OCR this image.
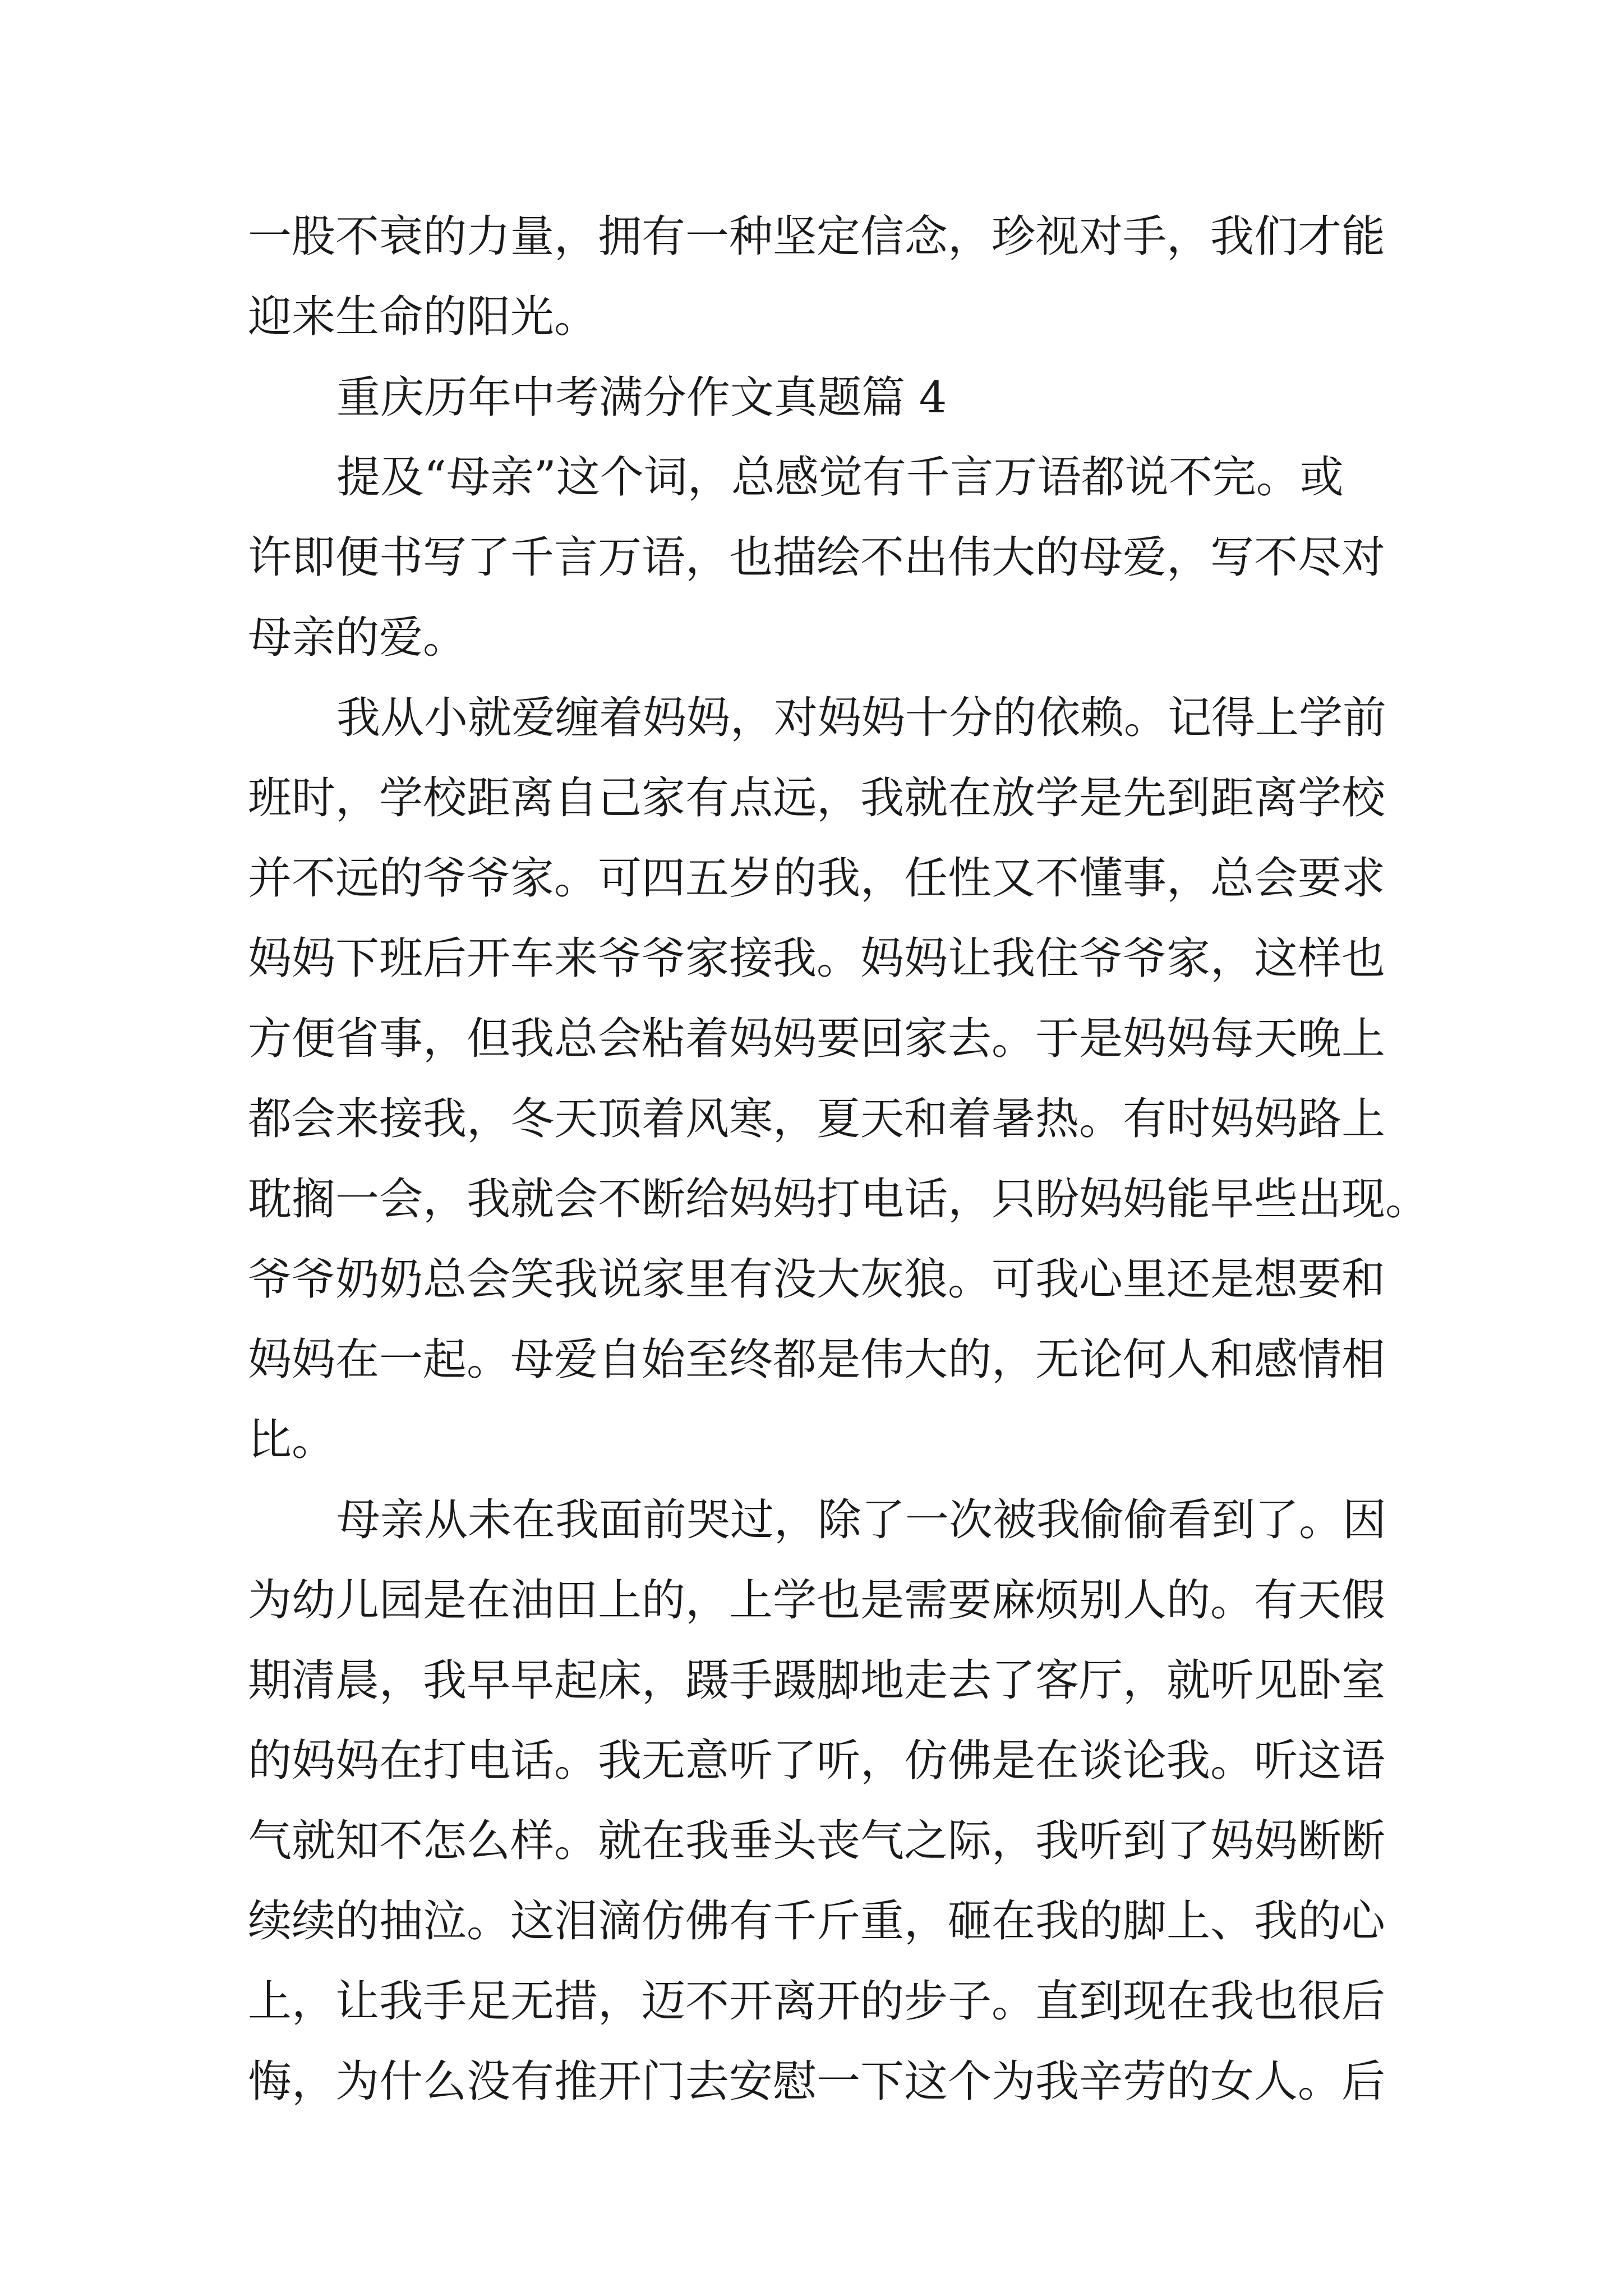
一股不衰的力量，拥有一种坚定信念，珍视对手，我们才能

迎来生命的阳光。

重庆历年中考满分作文真题篇 4

提及“母亲”这个词，总感觉有千言万语都说不完。或

许即便书写了千言万语，也描绘不出伟大的母爱，写不尽对

母亲的爱。

我从小就爱缠着妈妈，对妈妈十分的依赖。记得上学前

班时，学校距离自己家有点远，我就在放学是先到距离学校

并不远的爷爷家。可四五岁的我，任性又不懂事，总会要求

妈妈下班后开车来爷爷家接我。妈妈让我住爷爷家，这样也

方便省事，但我总会粘着妈妈要回家去。于是妈妈每天晚上

都会来接我，冬天顶着风寒，夏天和着暑热。有时妈妈路上

耽搁一会，我就会不断给妈妈打电话，只盼妈妈能早些出现。

爷爷奶奶总会笑我说家里有没大灰狼。可我心里还是想要和

妈妈在一起。母爱自始至终都是伟大的，无论何人和感情相

比。

母亲从未在我面前哭过，除了一次被我偷偷看到了。因

为幼儿园是在油田上的，上学也是需要麻烦别人的。有天假

期清晨，我早早起床，蹑手蹑脚地走去了客厅，就听见卧室

的妈妈在打电话。我无意听了听，仿佛是在谈论我。听这语

气就知不怎么样。就在我垂头丧气之际，我听到了妈妈断断

续续的抽泣。这泪滴仿佛有千斤重，砸在我的脚上、我的心

上，让我手足无措，迈不开离开的步子。直到现在我也很后

悔，为什么没有推开门去安慰一下这个为我辛劳的女人。后
